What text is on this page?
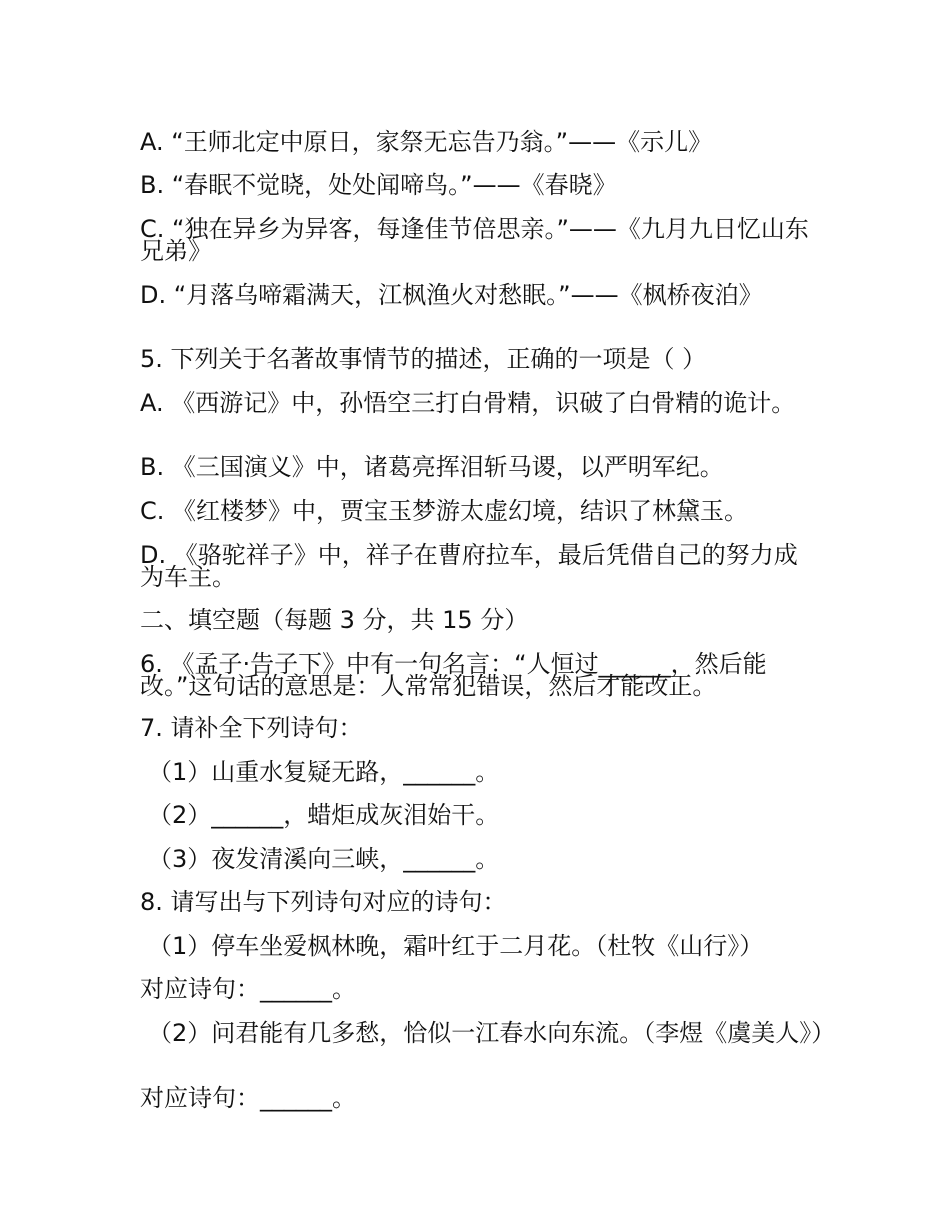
A. “王师北定中原日，家祭无忘告乃翁。”——《示儿》
B. “春眠不觉晓，处处闻啼鸟。”——《春晓》
C. “独在异乡为异客，每逢佳节倍思亲。”——《九月九日忆山东兄弟》
D. “月落乌啼霜满天，江枫渔火对愁眠。”——《枫桥夜泊》
5. 下列关于名著故事情节的描述，正确的一项是（ ）
A. 《西游记》中，孙悟空三打白骨精，识破了白骨精的诡计。
B. 《三国演义》中，诸葛亮挥泪斩马谡，以严明军纪。
C. 《红楼梦》中，贾宝玉梦游太虚幻境，结识了林黛玉。
D. 《骆驼祥子》中，祥子在曹府拉车，最后凭借自己的努力成为车主。
二、填空题（每题 3 分，共 15 分）
6. 《孟子·告子下》中有一句名言：“人恒过______，然后能改。”这句话的意思是：人常常犯错误，然后才能改正。
7. 请补全下列诗句：
（1）山重水复疑无路，______。
（2）______，蜡炬成灰泪始干。
（3）夜发清溪向三峡，______。
8. 请写出与下列诗句对应的诗句：
（1）停车坐爱枫林晚，霜叶红于二月花。（杜牧《山行》）
对应诗句：______。
（2）问君能有几多愁，恰似一江春水向东流。（李煜《虞美人》）
对应诗句：______。
